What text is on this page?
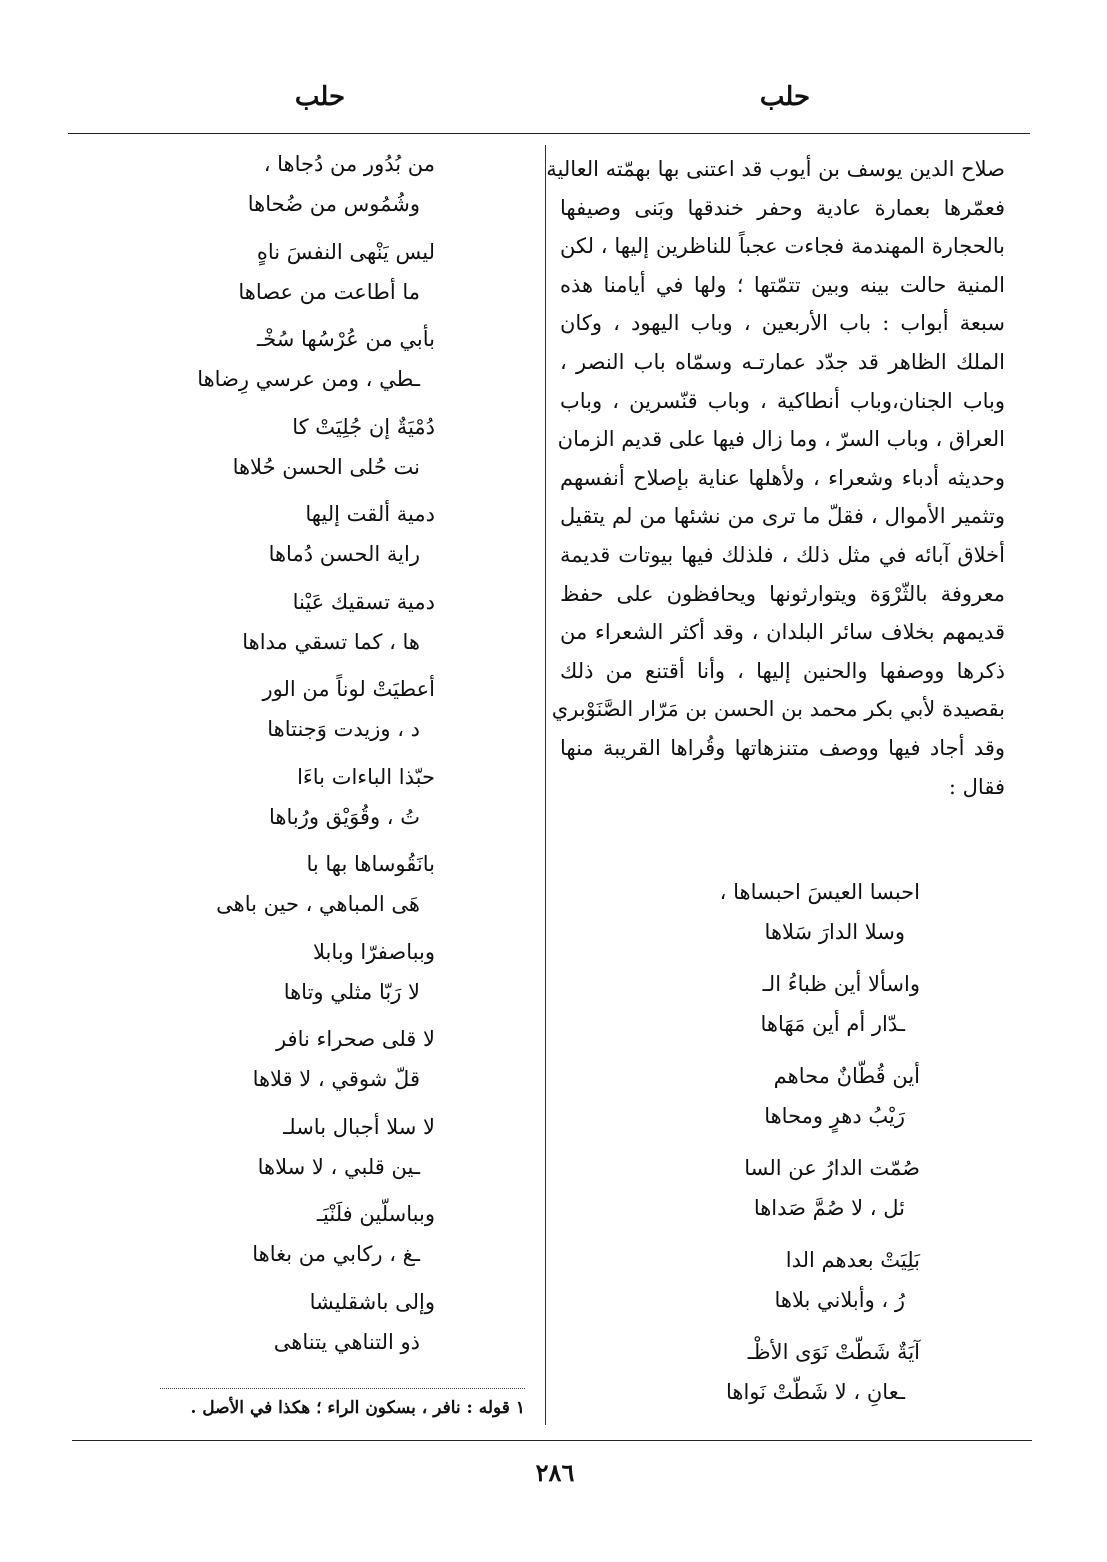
حلب
حلب
صلاح الدين يوسف بن أيوب قد اعتنى بها بهمّته العالية
فعمّرها بعمارة عادية وحفر خندقها وبَنى وصيفها
بالحجارة المهندمة فجاءت عجباً للناظرين إليها ، لكن
المنية حالت بينه وبين تتمّتها ؛ ولها في أيامنا هذه
سبعة أبواب : باب الأربعين ، وباب اليهود ، وكان
الملك الظاهر قد جدّد عمارتـه وسمّاه باب النصر ،
وباب الجنان،وباب أنطاكية ، وباب قنّسرين ، وباب
العراق ، وباب السرّ ، وما زال فيها على قديم الزمان
وحديثه أدباء وشعراء ، ولأهلها عناية بإصلاح أنفسهم
وتثمير الأموال ، فقلّ ما ترى من نشئها من لم يتقيل
أخلاق آبائه في مثل ذلك ، فلذلك فيها بيوتات قديمة
معروفة بالثّرْوَة ويتوارثونها ويحافظون على حفظ
قديمهم بخلاف سائر البلدان ، وقد أكثر الشعراء من
ذكرها ووصفها والحنين إليها ، وأنا أقتنع من ذلك
بقصيدة لأبي بكر محمد بن الحسن بن مَرّار الصَّنَوْبري
وقد أجاد فيها ووصف متنزهاتها وقُراها القريبة منها
فقال :
احبسا العيسَ احبساها ،
وسلا الدارَ سَلاها
واسألا أين ظباءُ الـ
ـدّار أم أين مَهَاها
أين قُطّانٌ محاهم
رَيْبُ دهرٍ ومحاها
صُمّت الدارُ عن السا
ئل ، لا صُمَّ صَداها
بَلِيَتْ بعدهم الدا
رُ ، وأبلاني بلاها
آيَةٌ شَطّتْ نَوَى الأظْـ
ـعانِ ، لا شَطّتْ نَواها
من بُدُور من دُجاها ،
وشُمُوس من ضُحاها
ليس يَنْهى النفسَ ناهٍ
ما أطاعت من عصاها
بأبي من عُرْسُها سُخْـ
ـطي ، ومن عرسي رِضاها
دُمْيَةٌ إن جُلِيَتْ كا
نت حُلى الحسن حُلاها
دمية ألقت إليها
راية الحسن دُماها
دمية تسقيك عَيْنا
ها ، كما تسقي مداها
أعطيَتْ لوناً من الور
د ، وزيدت وَجنتاها
حبّذا الباءات باءَا
تُ ، وقُوَيْق ورُباها
بانَقُوساها بها با
هَى المباهي ، حين باهى
وبباصفرّا وبابلا
لا رَبّا مثلي وتاها
لا قلى صحراء نافر
قلّ شوقي ، لا قلاها
لا سلا أجبال باسلـ
ـين قلبي ، لا سلاها
وبباسلّين فلَنْيَـ
ـغ ، ركابي من بغاها
وإلى باشقليشا
ذو التناهي يتناهى
١ قوله : نافر ، بسكون الراء ؛ هكذا في الأصل .
٢٨٦
